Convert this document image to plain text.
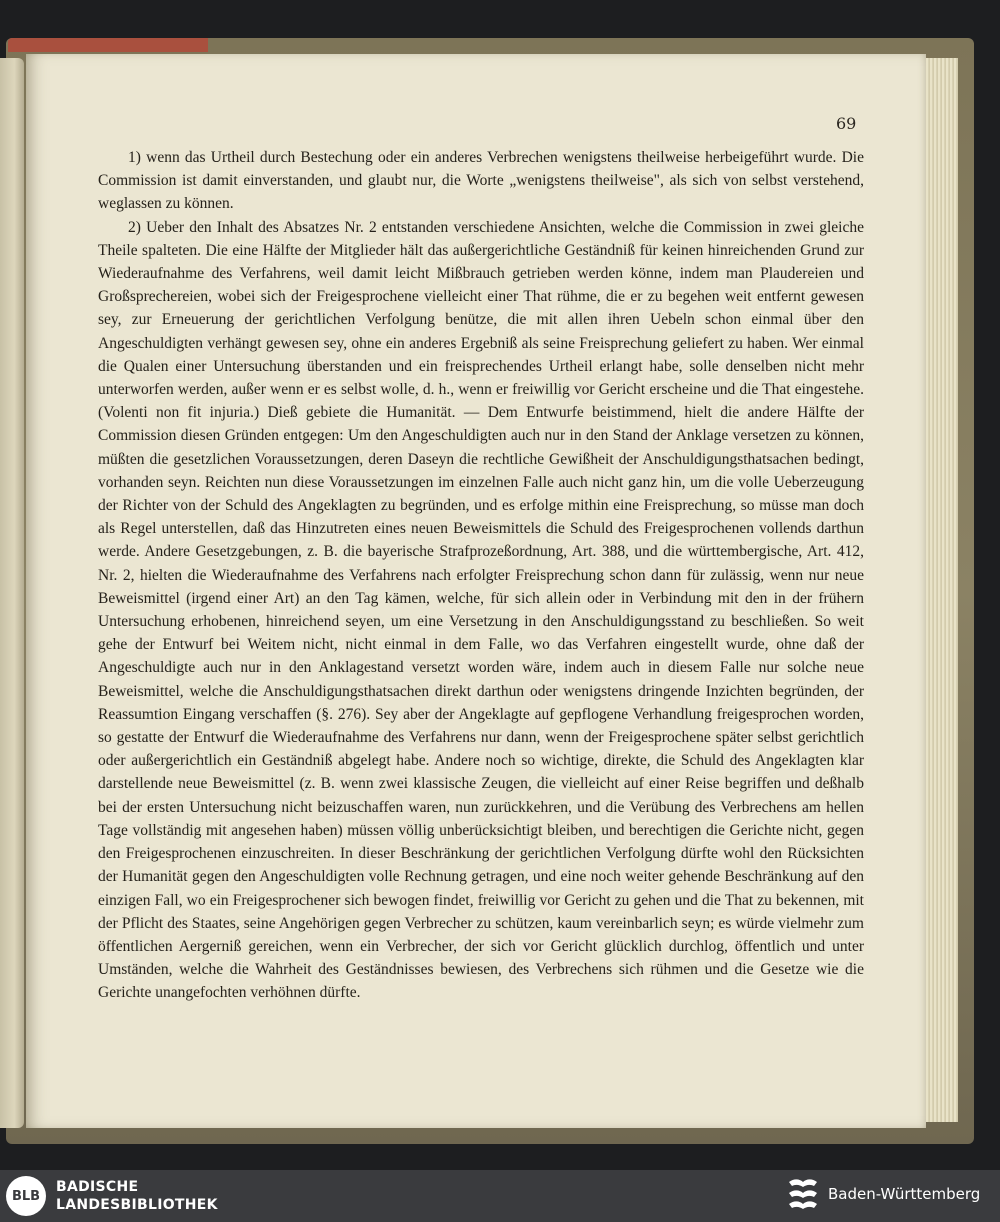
69

1) wenn das Urtheil durch Bestechung oder ein anderes Verbrechen wenigstens theilweise herbeigeführt wurde. Die Commission ist damit einverstanden, und glaubt nur, die Worte „wenigstens theilweise", als sich von selbst verstehend, weglassen zu können.

2) Ueber den Inhalt des Absatzes Nr. 2 entstanden verschiedene Ansichten, welche die Commission in zwei gleiche Theile spalteten. Die eine Hälfte der Mitglieder hält das außergerichtliche Geständniß für keinen hinreichenden Grund zur Wiederaufnahme des Verfahrens, weil damit leicht Mißbrauch getrieben werden könne, indem man Plaudereien und Großsprechereien, wobei sich der Freigesprochene vielleicht einer That rühme, die er zu begehen weit entfernt gewesen sey, zur Erneuerung der gerichtlichen Verfolgung benütze, die mit allen ihren Uebeln schon einmal über den Angeschuldigten verhängt gewesen sey, ohne ein anderes Ergebniß als seine Freisprechung geliefert zu haben. Wer einmal die Qualen einer Untersuchung überstanden und ein freisprechendes Urtheil erlangt habe, solle denselben nicht mehr unterworfen werden, außer wenn er es selbst wolle, d. h., wenn er freiwillig vor Gericht erscheine und die That eingestehe. (Volenti non fit injuria.) Dieß gebiete die Humanität. — Dem Entwurfe beistimmend, hielt die andere Hälfte der Commission diesen Gründen entgegen: Um den Angeschuldigten auch nur in den Stand der Anklage versetzen zu können, müßten die gesetzlichen Voraussetzungen, deren Daseyn die rechtliche Gewißheit der Anschuldigungsthatsachen bedingt, vorhanden seyn. Reichten nun diese Voraussetzungen im einzelnen Falle auch nicht ganz hin, um die volle Ueberzeugung der Richter von der Schuld des Angeklagten zu begründen, und es erfolge mithin eine Freisprechung, so müsse man doch als Regel unterstellen, daß das Hinzutreten eines neuen Beweismittels die Schuld des Freigesprochenen vollends darthun werde. Andere Gesetzgebungen, z. B. die bayerische Strafprozeßordnung, Art. 388, und die württembergische, Art. 412, Nr. 2, hielten die Wiederaufnahme des Verfahrens nach erfolgter Freisprechung schon dann für zulässig, wenn nur neue Beweismittel (irgend einer Art) an den Tag kämen, welche, für sich allein oder in Verbindung mit den in der frühern Untersuchung erhobenen, hinreichend seyen, um eine Versetzung in den Anschuldigungsstand zu beschließen. So weit gehe der Entwurf bei Weitem nicht, nicht einmal in dem Falle, wo das Verfahren eingestellt wurde, ohne daß der Angeschuldigte auch nur in den Anklagestand versetzt worden wäre, indem auch in diesem Falle nur solche neue Beweismittel, welche die Anschuldigungsthatsachen direkt darthun oder wenigstens dringende Inzichten begründen, der Reassumtion Eingang verschaffen (§. 276). Sey aber der Angeklagte auf gepflogene Verhandlung freigesprochen worden, so gestatte der Entwurf die Wiederaufnahme des Verfahrens nur dann, wenn der Freigesprochene später selbst gerichtlich oder außergerichtlich ein Geständniß abgelegt habe. Andere noch so wichtige, direkte, die Schuld des Angeklagten klar darstellende neue Beweismittel (z. B. wenn zwei klassische Zeugen, die vielleicht auf einer Reise begriffen und deßhalb bei der ersten Untersuchung nicht beizuschaffen waren, nun zurückkehren, und die Verübung des Verbrechens am hellen Tage vollständig mit angesehen haben) müssen völlig unberücksichtigt bleiben, und berechtigen die Gerichte nicht, gegen den Freigesprochenen einzuschreiten. In dieser Beschränkung der gerichtlichen Verfolgung dürfte wohl den Rücksichten der Humanität gegen den Angeschuldigten volle Rechnung getragen, und eine noch weiter gehende Beschränkung auf den einzigen Fall, wo ein Freigesprochener sich bewogen findet, freiwillig vor Gericht zu gehen und die That zu bekennen, mit der Pflicht des Staates, seine Angehörigen gegen Verbrecher zu schützen, kaum vereinbarlich seyn; es würde vielmehr zum öffentlichen Aergerniß gereichen, wenn ein Verbrecher, der sich vor Gericht glücklich durchlog, öffentlich und unter Umständen, welche die Wahrheit des Geständnisses bewiesen, des Verbrechens sich rühmen und die Gesetze wie die Gerichte unangefochten verhöhnen dürfte.

BLB
BADISCHE
LANDESBIBLIOTHEK
Baden-Württemberg
